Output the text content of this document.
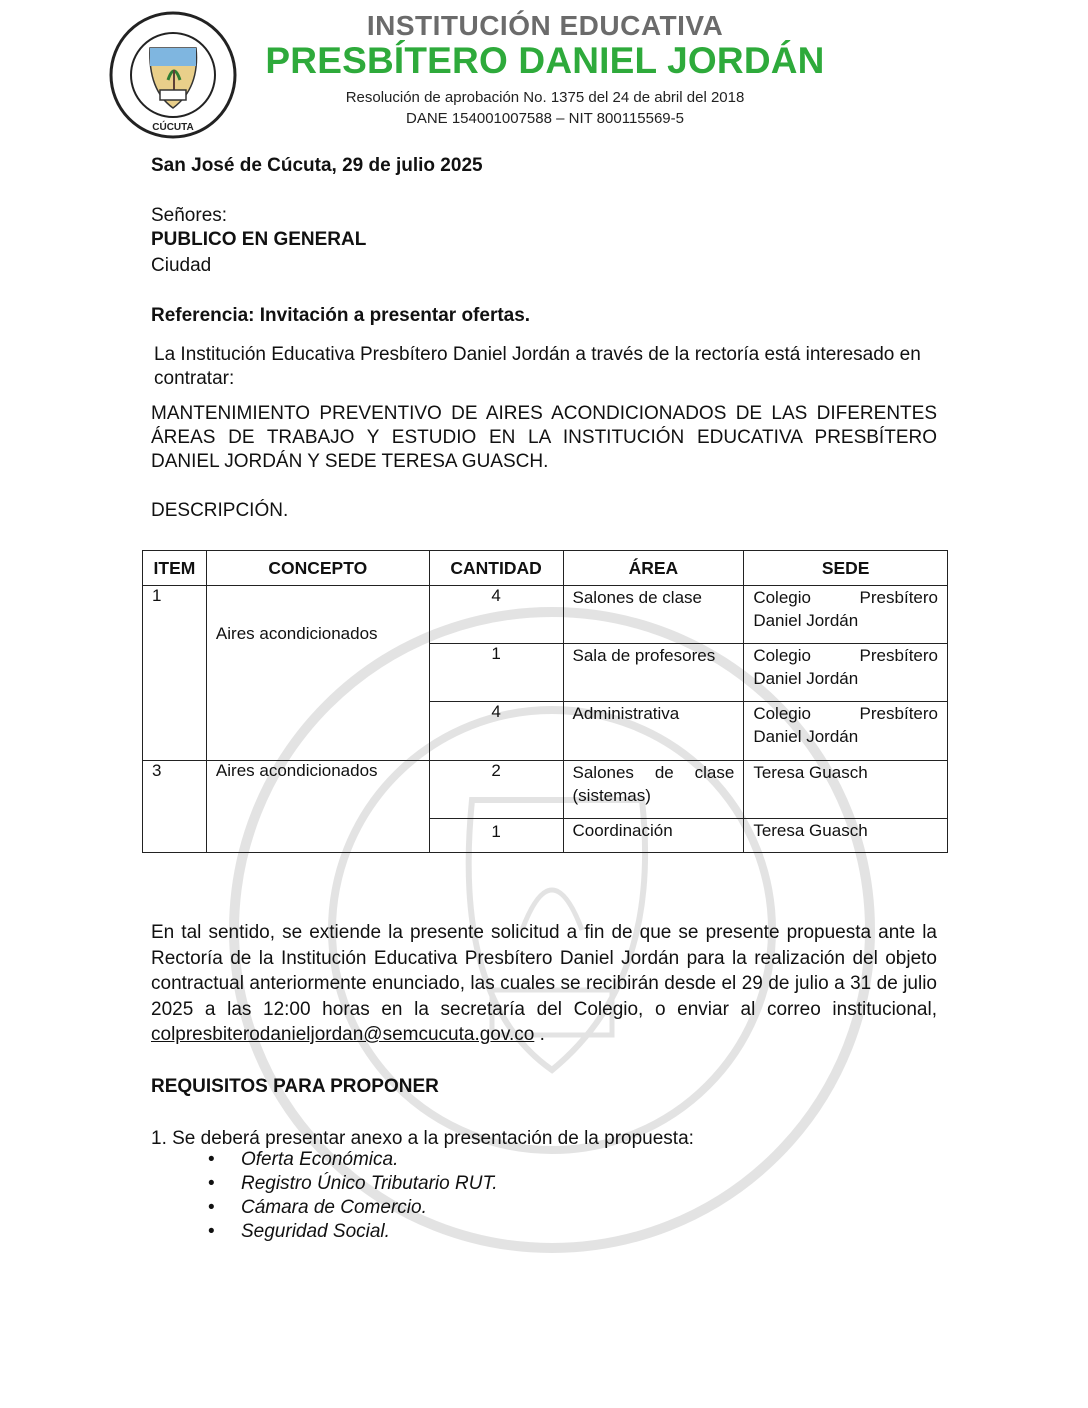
CÚCUTA
INSTITUCIÓN EDUCATIVA
PRESBÍTERO DANIEL JORDÁN
Resolución de aprobación No. 1375 del 24 de abril del 2018
DANE 154001007588 – NIT 800115569-5
San José de Cúcuta, 29 de julio 2025
Señores:
PUBLICO EN GENERAL
Ciudad
Referencia: Invitación a presentar ofertas.
La Institución Educativa Presbítero Daniel Jordán a través de la rectoría está interesado en contratar:
MANTENIMIENTO PREVENTIVO DE AIRES ACONDICIONADOS DE LAS DIFERENTES ÁREAS DE TRABAJO Y ESTUDIO EN LA INSTITUCIÓN EDUCATIVA PRESBÍTERO DANIEL JORDÁN Y SEDE TERESA GUASCH.
DESCRIPCIÓN.
ITEM	CONCEPTO	CANTIDAD	ÁREA	SEDE
1	Aires acondicionados	4	Salones de clase	Colegio Presbítero Daniel Jordán
		1	Sala de profesores	Colegio Presbítero Daniel Jordán
		4	Administrativa	Colegio Presbítero Daniel Jordán
3	Aires acondicionados	2	Salones de clase (sistemas)	Teresa Guasch
		1	Coordinación	Teresa Guasch
En tal sentido, se extiende la presente solicitud a fin de que se presente propuesta ante la Rectoría de la Institución Educativa Presbítero Daniel Jordán para la realización del objeto contractual anteriormente enunciado, las cuales se recibirán desde el 29 de julio a 31 de julio 2025 a las 12:00 horas en la secretaría del Colegio, o enviar al correo institucional, colpresbiterodanieljordan@semcucuta.gov.co .
REQUISITOS PARA PROPONER
1. Se deberá presentar anexo a la presentación de la propuesta:
• Oferta Económica.
• Registro Único Tributario RUT.
• Cámara de Comercio.
• Seguridad Social.
